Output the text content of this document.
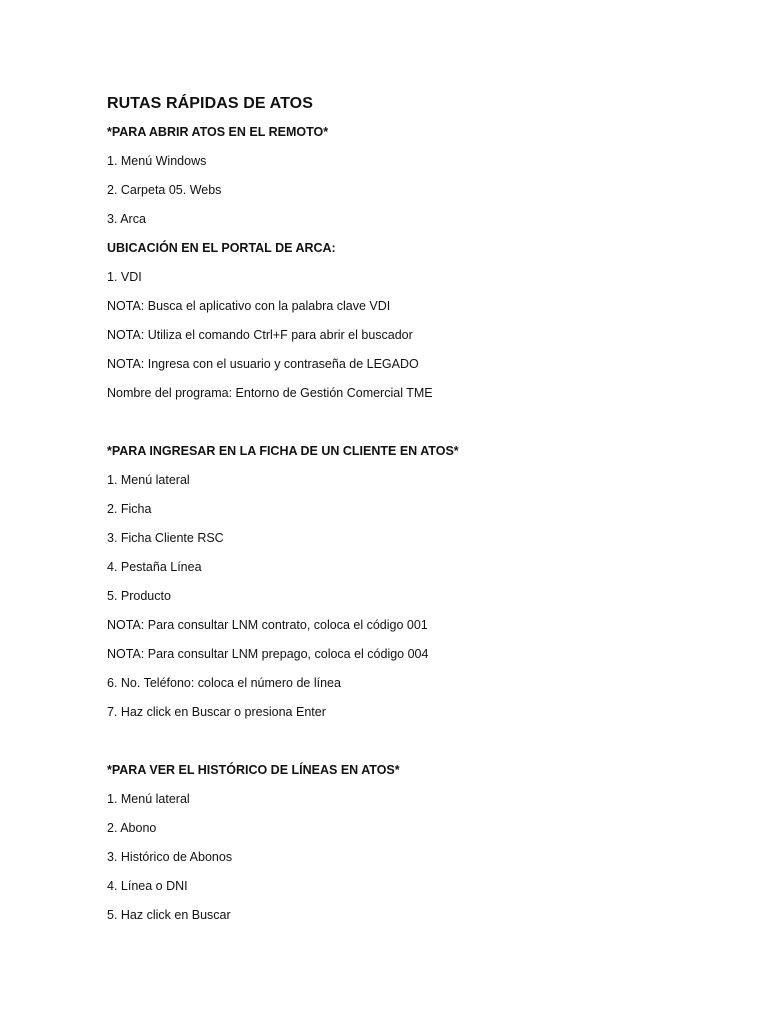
RUTAS RÁPIDAS DE ATOS
*PARA ABRIR ATOS EN EL REMOTO*
1. Menú Windows
2. Carpeta 05. Webs
3. Arca
UBICACIÓN EN EL PORTAL DE ARCA:
1. VDI
NOTA: Busca el aplicativo con la palabra clave VDI
NOTA: Utiliza el comando Ctrl+F para abrir el buscador
NOTA: Ingresa con el usuario y contraseña de LEGADO
Nombre del programa: Entorno de Gestión Comercial TME
*PARA INGRESAR EN LA FICHA DE UN CLIENTE EN ATOS*
1. Menú lateral
2. Ficha
3. Ficha Cliente RSC
4. Pestaña Línea
5. Producto
NOTA: Para consultar LNM contrato, coloca el código 001
NOTA: Para consultar LNM prepago, coloca el código 004
6. No. Teléfono: coloca el número de línea
7. Haz click en Buscar o presiona Enter
*PARA VER EL HISTÓRICO DE LÍNEAS EN ATOS*
1. Menú lateral
2. Abono
3. Histórico de Abonos
4. Línea o DNI
5. Haz click en Buscar
